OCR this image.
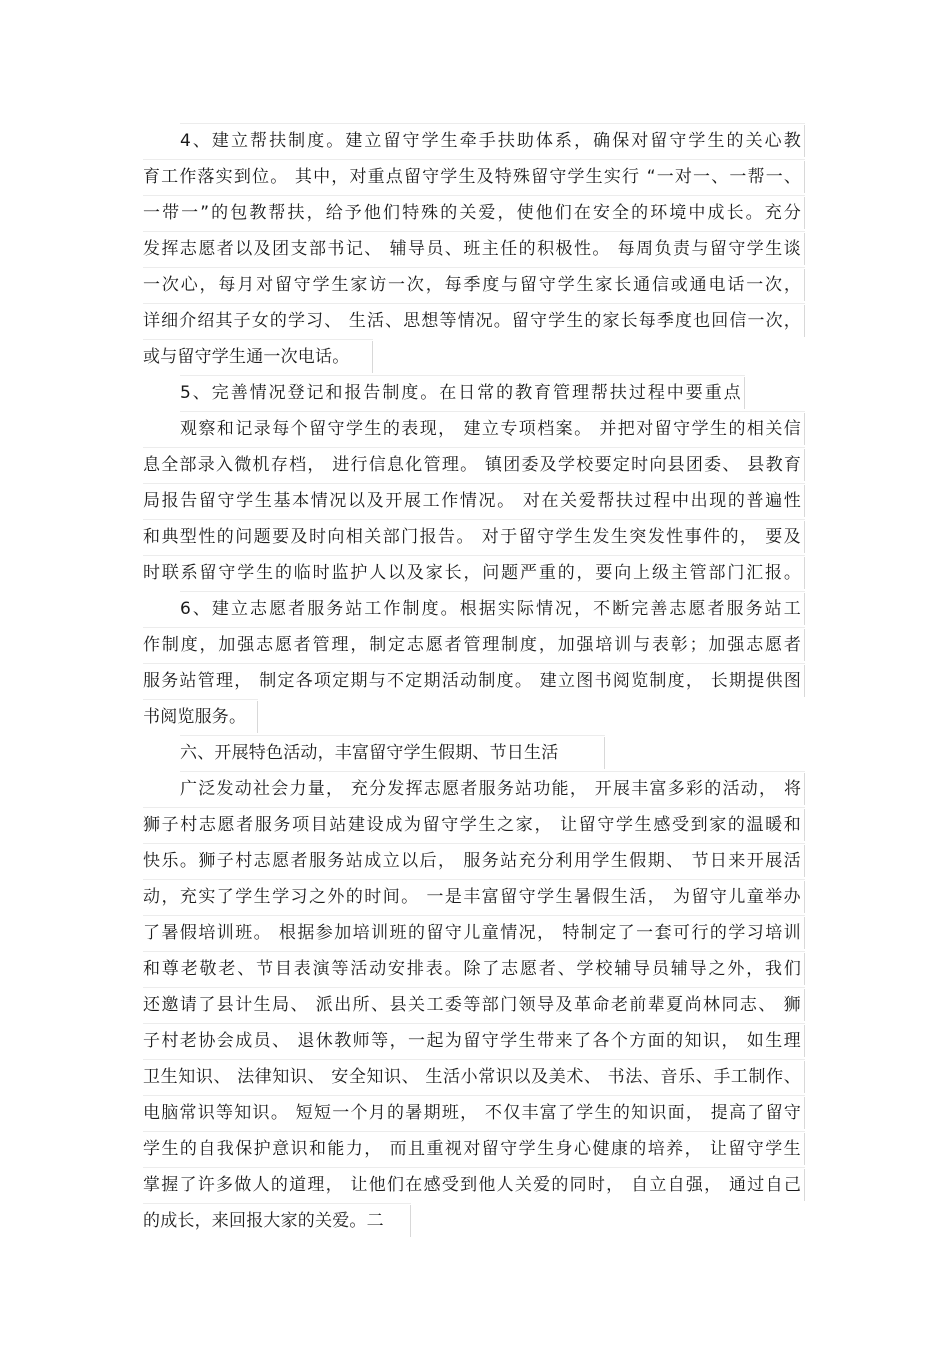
4、建立帮扶制度。建立留守学生牵手扶助体系，确保对留守学生的关心教
育工作落实到位。 其中，对重点留守学生及特殊留守学生实行 “一对一、一帮一、
一带一”的包教帮扶，给予他们特殊的关爱，使他们在安全的环境中成长。充分
发挥志愿者以及团支部书记、 辅导员、班主任的积极性。 每周负责与留守学生谈
一次心，每月对留守学生家访一次，每季度与留守学生家长通信或通电话一次，
详细介绍其子女的学习、 生活、思想等情况。留守学生的家长每季度也回信一次，
或与留守学生通一次电话。
5、完善情况登记和报告制度。在日常的教育管理帮扶过程中要重点
观察和记录每个留守学生的表现， 建立专项档案。 并把对留守学生的相关信
息全部录入微机存档， 进行信息化管理。 镇团委及学校要定时向县团委、 县教育
局报告留守学生基本情况以及开展工作情况。 对在关爱帮扶过程中出现的普遍性
和典型性的问题要及时向相关部门报告。 对于留守学生发生突发性事件的， 要及
时联系留守学生的临时监护人以及家长，问题严重的，要向上级主管部门汇报。
6、建立志愿者服务站工作制度。根据实际情况，不断完善志愿者服务站工
作制度，加强志愿者管理，制定志愿者管理制度，加强培训与表彰；加强志愿者
服务站管理， 制定各项定期与不定期活动制度。 建立图书阅览制度， 长期提供图
书阅览服务。
六、开展特色活动，丰富留守学生假期、节日生活
广泛发动社会力量， 充分发挥志愿者服务站功能， 开展丰富多彩的活动， 将
狮子村志愿者服务项目站建设成为留守学生之家， 让留守学生感受到家的温暖和
快乐。狮子村志愿者服务站成立以后， 服务站充分利用学生假期、 节日来开展活
动，充实了学生学习之外的时间。 一是丰富留守学生暑假生活， 为留守儿童举办
了暑假培训班。 根据参加培训班的留守儿童情况， 特制定了一套可行的学习培训
和尊老敬老、节目表演等活动安排表。除了志愿者、学校辅导员辅导之外，我们
还邀请了县计生局、 派出所、县关工委等部门领导及革命老前辈夏尚林同志、 狮
子村老协会成员、 退休教师等，一起为留守学生带来了各个方面的知识， 如生理
卫生知识、 法律知识、 安全知识、 生活小常识以及美术、 书法、音乐、手工制作、
电脑常识等知识。 短短一个月的暑期班， 不仅丰富了学生的知识面， 提高了留守
学生的自我保护意识和能力， 而且重视对留守学生身心健康的培养， 让留守学生
掌握了许多做人的道理， 让他们在感受到他人关爱的同时， 自立自强， 通过自己
的成长，来回报大家的关爱。二
